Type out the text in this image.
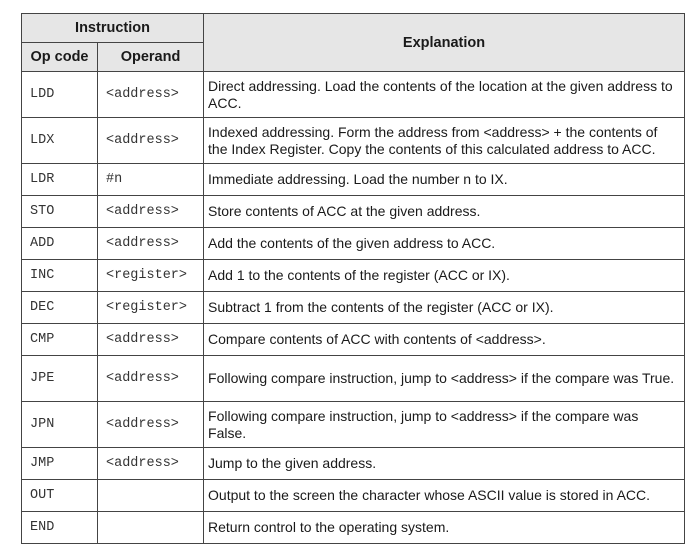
Instruction		Explanation
Op code	Operand	
LDD	<address>	Direct addressing. Load the contents of the location at the given address to ACC.
LDX	<address>	Indexed addressing. Form the address from <address> + the contents of the Index Register. Copy the contents of this calculated address to ACC.
LDR	#n	Immediate addressing. Load the number n to IX.
STO	<address>	Store contents of ACC at the given address.
ADD	<address>	Add the contents of the given address to ACC.
INC	<register>	Add 1 to the contents of the register (ACC or IX).
DEC	<register>	Subtract 1 from the contents of the register (ACC or IX).
CMP	<address>	Compare contents of ACC with contents of <address>.
JPE	<address>	Following compare instruction, jump to <address> if the compare was True.
JPN	<address>	Following compare instruction, jump to <address> if the compare was False.
JMP	<address>	Jump to the given address.
OUT		Output to the screen the character whose ASCII value is stored in ACC.
END		Return control to the operating system.
